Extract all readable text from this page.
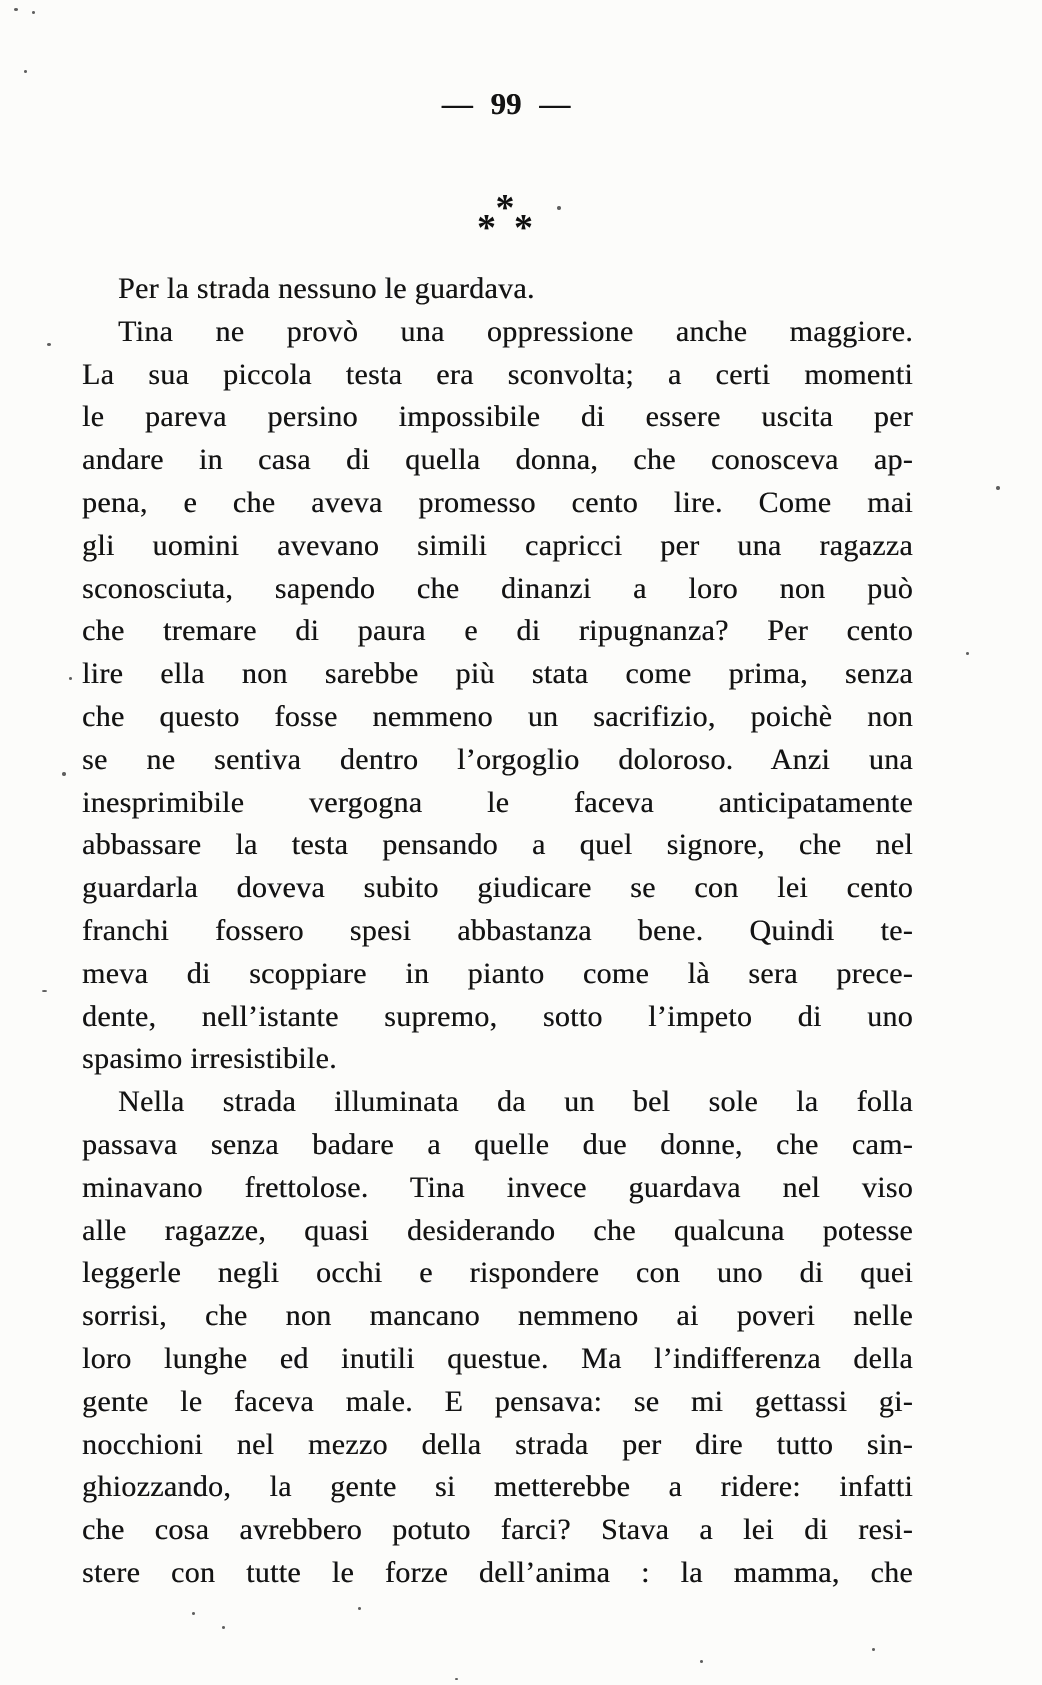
— 99 —
*
* *
Per la strada nessuno le guardava.
Tina ne provò una oppressione anche maggiore.
La sua piccola testa era sconvolta; a certi momenti
le pareva persino impossibile di essere uscita per
andare in casa di quella donna, che conosceva ap-
pena, e che aveva promesso cento lire. Come mai
gli uomini avevano simili capricci per una ragazza
sconosciuta, sapendo che dinanzi a loro non può
che tremare di paura e di ripugnanza? Per cento
lire ella non sarebbe più stata come prima, senza
che questo fosse nemmeno un sacrifizio, poichè non
se ne sentiva dentro l’orgoglio doloroso. Anzi una
inesprimibile vergogna le faceva anticipatamente
abbassare la testa pensando a quel signore, che nel
guardarla doveva subito giudicare se con lei cento
franchi fossero spesi abbastanza bene. Quindi te-
meva di scoppiare in pianto come là sera prece-
dente, nell’istante supremo, sotto l’impeto di uno
spasimo irresistibile.
Nella strada illuminata da un bel sole la folla
passava senza badare a quelle due donne, che cam-
minavano frettolose. Tina invece guardava nel viso
alle ragazze, quasi desiderando che qualcuna potesse
leggerle negli occhi e rispondere con uno di quei
sorrisi, che non mancano nemmeno ai poveri nelle
loro lunghe ed inutili questue. Ma l’indifferenza della
gente le faceva male. E pensava: se mi gettassi gi-
nocchioni nel mezzo della strada per dire tutto sin-
ghiozzando, la gente si metterebbe a ridere: infatti
che cosa avrebbero potuto farci? Stava a lei di resi-
stere con tutte le forze dell’anima : la mamma, che
